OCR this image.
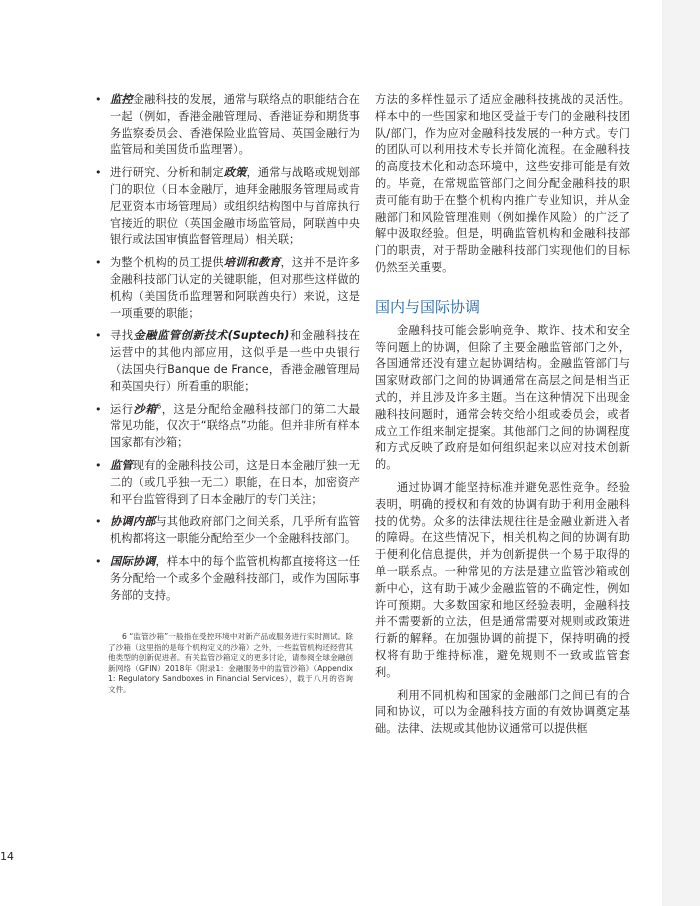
• 监控金融科技的发展，通常与联络点的职能结合在一起（例如，香港金融管理局、香港证券和期货事务监察委员会、香港保险业监管局、英国金融行为监管局和美国货币监理署）。
• 进行研究、分析和制定政策，通常与战略或规划部门的职位（日本金融厅，迪拜金融服务管理局或肯尼亚资本市场管理局）或组织结构图中与首席执行官接近的职位（英国金融市场监管局，阿联酋中央银行或法国审慎监督管理局）相关联；
• 为整个机构的员工提供培训和教育，这并不是许多金融科技部门认定的关键职能，但对那些这样做的机构（美国货币监理署和阿联酋央行）来说，这是一项重要的职能；
• 寻找金融监管创新技术(Suptech)和金融科技在运营中的其他内部应用，这似乎是一些中央银行（法国央行Banque de France，香港金融管理局和英国央行）所看重的职能；
• 运行沙箱$^6$，这是分配给金融科技部门的第二大最常见功能，仅次于“联络点”功能。但并非所有样本国家都有沙箱；
• 监管现有的金融科技公司，这是日本金融厅独一无二的（或几乎独一无二）职能，在日本，加密资产和平台监管得到了日本金融厅的专门关注；
• 协调内部与其他政府部门之间关系，几乎所有监管机构都将这一职能分配给至少一个金融科技部门。
• 国际协调，样本中的每个监管机构都直接将这一任务分配给一个或多个金融科技部门，或作为国际事务部的支持。
6 “监管沙箱”一般指在受控环境中对新产品或服务进行实时测试。除了沙箱（这里指的是每个机构定义的沙箱）之外，一些监管机构还经营其他类型的创新促进者。有关监管沙箱定义的更多讨论，请参阅全球金融创新网络（GFIN）2018年《附录1：金融服务中的监管沙箱》（Appendix 1: Regulatory Sandboxes in Financial Services），载于八月的咨询文件。

方法的多样性显示了适应金融科技挑战的灵活性。样本中的一些国家和地区受益于专门的金融科技团队/部门，作为应对金融科技发展的一种方式。专门的团队可以利用技术专长并简化流程。在金融科技的高度技术化和动态环境中，这些安排可能是有效的。毕竟，在常规监管部门之间分配金融科技的职责可能有助于在整个机构内推广专业知识，并从金融部门和风险管理准则（例如操作风险）的广泛了解中汲取经验。但是，明确监管机构和金融科技部门的职责，对于帮助金融科技部门实现他们的目标仍然至关重要。

国内与国际协调

金融科技可能会影响竞争、欺诈、技术和安全等问题上的协调，但除了主要金融监管部门之外，各国通常还没有建立起协调结构。金融监管部门与国家财政部门之间的协调通常在高层之间是相当正式的，并且涉及许多主题。当在这种情况下出现金融科技问题时，通常会转交给小组或委员会，或者成立工作组来制定提案。其他部门之间的协调程度和方式反映了政府是如何组织起来以应对技术创新的。

通过协调才能坚持标准并避免恶性竞争。经验表明，明确的授权和有效的协调有助于利用金融科技的优势。众多的法律法规往往是金融业新进入者的障碍。在这些情况下，相关机构之间的协调有助于便利化信息提供，并为创新提供一个易于取得的单一联系点。一种常见的方法是建立监管沙箱或创新中心，这有助于减少金融监管的不确定性，例如许可预期。大多数国家和地区经验表明，金融科技并不需要新的立法，但是通常需要对规则或政策进行新的解释。在加强协调的前提下，保持明确的授权将有助于维持标准，避免规则不一致或监管套利。

利用不同机构和国家的金融部门之间已有的合同和协议，可以为金融科技方面的有效协调奠定基础。法律、法规或其他协议通常可以提供框

14
